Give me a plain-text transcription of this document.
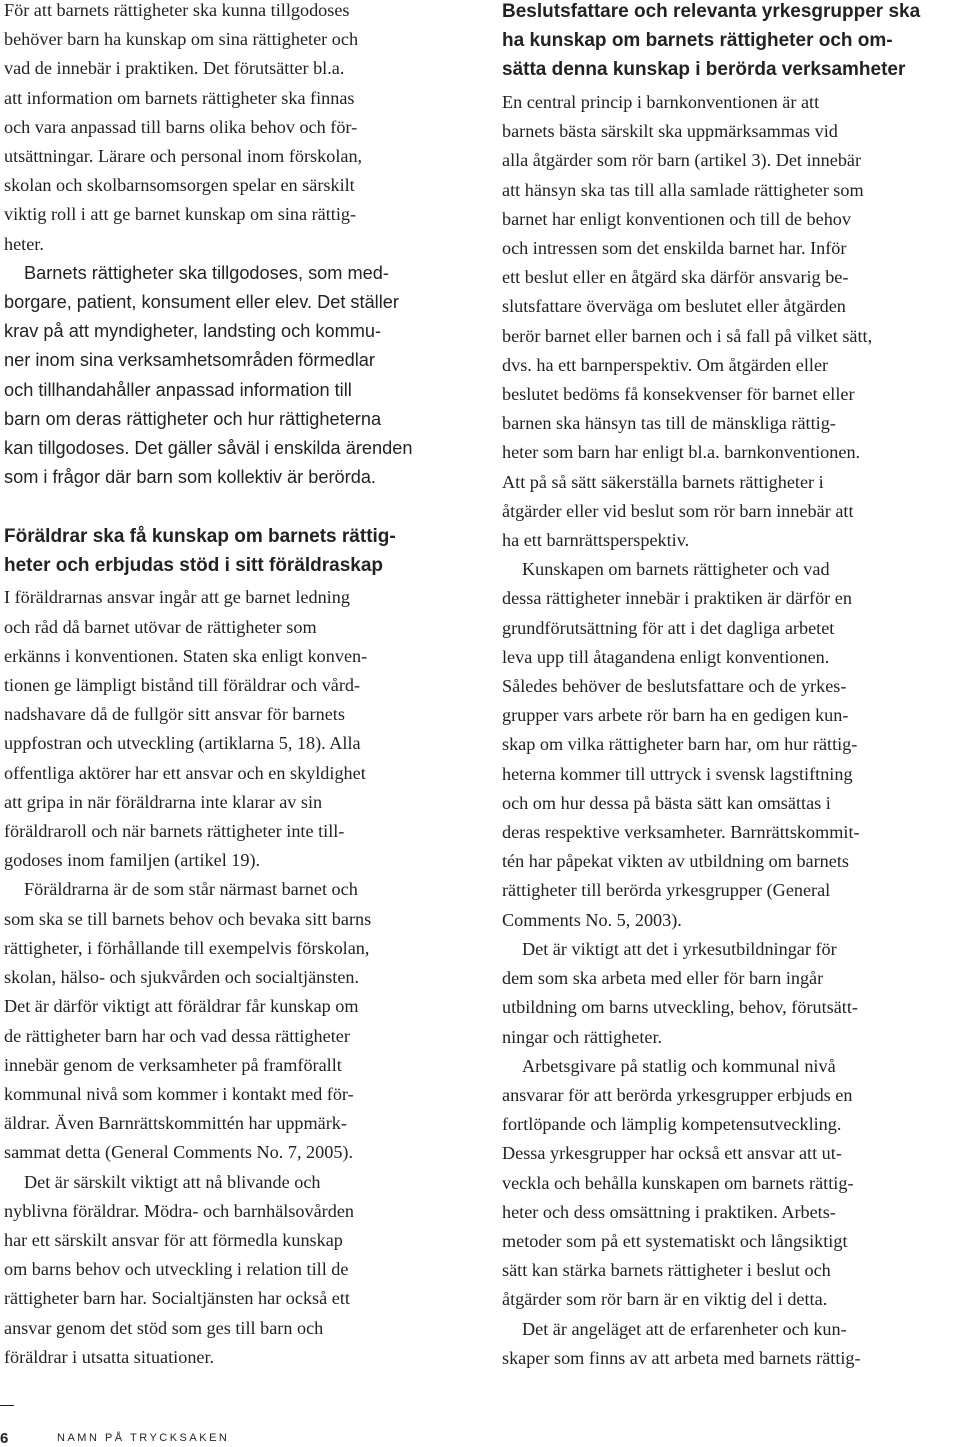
För att barnets rättigheter ska kunna tillgodoses
behöver barn ha kunskap om sina rättigheter och
vad de innebär i praktiken. Det förutsätter bl.a.
att information om barnets rättigheter ska finnas
och vara anpassad till barns olika behov och för-
utsättningar. Lärare och personal inom förskolan,
skolan och skolbarnsomsorgen spelar en särskilt
viktig roll i att ge barnet kunskap om sina rättig-
heter.

Barnets rättigheter ska tillgodoses, som med-
borgare, patient, konsument eller elev. Det ställer
krav på att myndigheter, landsting och kommu-
ner inom sina verksamhetsområden förmedlar
och tillhandahåller anpassad information till
barn om deras rättigheter och hur rättigheterna
kan tillgodoses. Det gäller såväl i enskilda ärenden
som i frågor där barn som kollektiv är berörda.

Föräldrar ska få kunskap om barnets rättig-
heter och erbjudas stöd i sitt föräldraskap

I föräldrarnas ansvar ingår att ge barnet ledning
och råd då barnet utövar de rättigheter som
erkänns i konventionen. Staten ska enligt konven-
tionen ge lämpligt bistånd till föräldrar och vård-
nadshavare då de fullgör sitt ansvar för barnets
uppfostran och utveckling (artiklarna 5, 18). Alla
offentliga aktörer har ett ansvar och en skyldighet
att gripa in när föräldrarna inte klarar av sin
föräldraroll och när barnets rättigheter inte till-
godoses inom familjen (artikel 19).

Föräldrarna är de som står närmast barnet och
som ska se till barnets behov och bevaka sitt barns
rättigheter, i förhållande till exempelvis förskolan,
skolan, hälso- och sjukvården och socialtjänsten.
Det är därför viktigt att föräldrar får kunskap om
de rättigheter barn har och vad dessa rättigheter
innebär genom de verksamheter på framförallt
kommunal nivå som kommer i kontakt med för-
äldrar. Även Barnrättskommittén har uppmärk-
sammat detta (General Comments No. 7, 2005).

Det är särskilt viktigt att nå blivande och
nyblivna föräldrar. Mödra- och barnhälsovården
har ett särskilt ansvar för att förmedla kunskap
om barns behov och utveckling i relation till de
rättigheter barn har. Socialtjänsten har också ett
ansvar genom det stöd som ges till barn och
föräldrar i utsatta situationer.

Beslutsfattare och relevanta yrkesgrupper ska
ha kunskap om barnets rättigheter och om-
sätta denna kunskap i berörda verksamheter

En central princip i barnkonventionen är att
barnets bästa särskilt ska uppmärksammas vid
alla åtgärder som rör barn (artikel 3). Det innebär
att hänsyn ska tas till alla samlade rättigheter som
barnet har enligt konventionen och till de behov
och intressen som det enskilda barnet har. Inför
ett beslut eller en åtgärd ska därför ansvarig be-
slutsfattare överväga om beslutet eller åtgärden
berör barnet eller barnen och i så fall på vilket sätt,
dvs. ha ett barnperspektiv. Om åtgärden eller
beslutet bedöms få konsekvenser för barnet eller
barnen ska hänsyn tas till de mänskliga rättig-
heter som barn har enligt bl.a. barnkonventionen.
Att på så sätt säkerställa barnets rättigheter i
åtgärder eller vid beslut som rör barn innebär att
ha ett barnrättsperspektiv.

Kunskapen om barnets rättigheter och vad
dessa rättigheter innebär i praktiken är därför en
grundförutsättning för att i det dagliga arbetet
leva upp till åtagandena enligt konventionen.
Således behöver de beslutsfattare och de yrkes-
grupper vars arbete rör barn ha en gedigen kun-
skap om vilka rättigheter barn har, om hur rättig-
heterna kommer till uttryck i svensk lagstiftning
och om hur dessa på bästa sätt kan omsättas i
deras respektive verksamheter. Barnrättskommit-
tén har påpekat vikten av utbildning om barnets
rättigheter till berörda yrkesgrupper (General
Comments No. 5, 2003).

Det är viktigt att det i yrkesutbildningar för
dem som ska arbeta med eller för barn ingår
utbildning om barns utveckling, behov, förutsätt-
ningar och rättigheter.

Arbetsgivare på statlig och kommunal nivå
ansvarar för att berörda yrkesgrupper erbjuds en
fortlöpande och lämplig kompetensutveckling.
Dessa yrkesgrupper har också ett ansvar att ut-
veckla och behålla kunskapen om barnets rättig-
heter och dess omsättning i praktiken. Arbets-
metoder som på ett systematiskt och långsiktigt
sätt kan stärka barnets rättigheter i beslut och
åtgärder som rör barn är en viktig del i detta.

Det är angeläget att de erfarenheter och kun-
skaper som finns av att arbeta med barnets rättig-

6	NAMN PÅ TRYCKSAKEN
